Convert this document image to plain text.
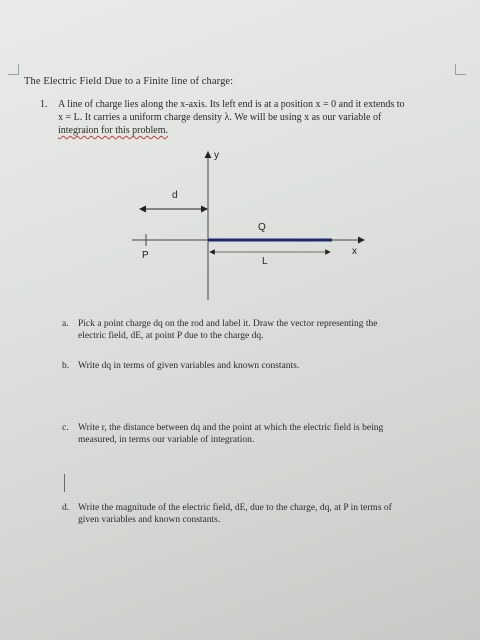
The Electric Field Due to a Finite line of charge:
1. A line of charge lies along the x-axis. Its left end is at a position x = 0 and it extends to
x = L. It carries a uniform charge density λ. We will be using x as our variable of
integraion for this problem.
y
x
d
Q
P
L
a. Pick a point charge dq on the rod and label it. Draw the vector representing the
electric field, dE, at point P due to the charge dq.
b. Write dq in terms of given variables and known constants.
c. Write r, the distance between dq and the point at which the electric field is being
measured, in terms our variable of integration.
d. Write the magnitude of the electric field, dE, due to the charge, dq, at P in terms of
given variables and known constants.
